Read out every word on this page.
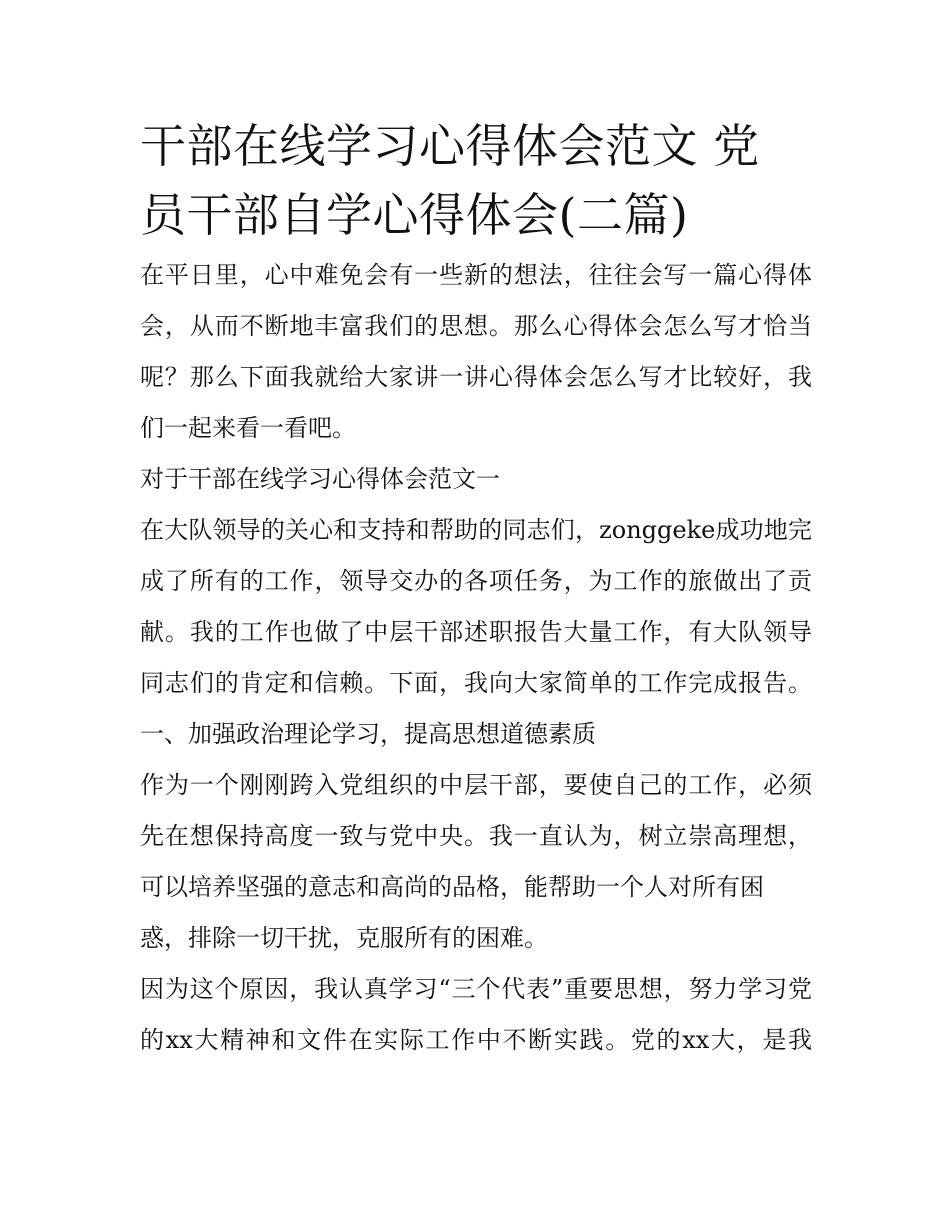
干部在线学习心得体会范文 党
员干部自学心得体会(二篇)
在平日里，心中难免会有一些新的想法，往往会写一篇心得体
会，从而不断地丰富我们的思想。那么心得体会怎么写才恰当
呢？那么下面我就给大家讲一讲心得体会怎么写才比较好，我
们一起来看一看吧。
对于干部在线学习心得体会范文一
在大队领导的关心和支持和帮助的同志们，zonggeke成功地完
成了所有的工作，领导交办的各项任务，为工作的旅做出了贡
献。我的工作也做了中层干部述职报告大量工作，有大队领导
同志们的肯定和信赖。下面，我向大家简单的工作完成报告。
一、加强政治理论学习，提高思想道德素质
作为一个刚刚跨入党组织的中层干部，要使自己的工作，必须
先在想保持高度一致与党中央。我一直认为，树立崇高理想，
可以培养坚强的意志和高尚的品格，能帮助一个人对所有困
惑，排除一切干扰，克服所有的困难。
因为这个原因，我认真学习“三个代表”重要思想，努力学习党
的xx大精神和文件在实际工作中不断实践。党的xx大，是我
